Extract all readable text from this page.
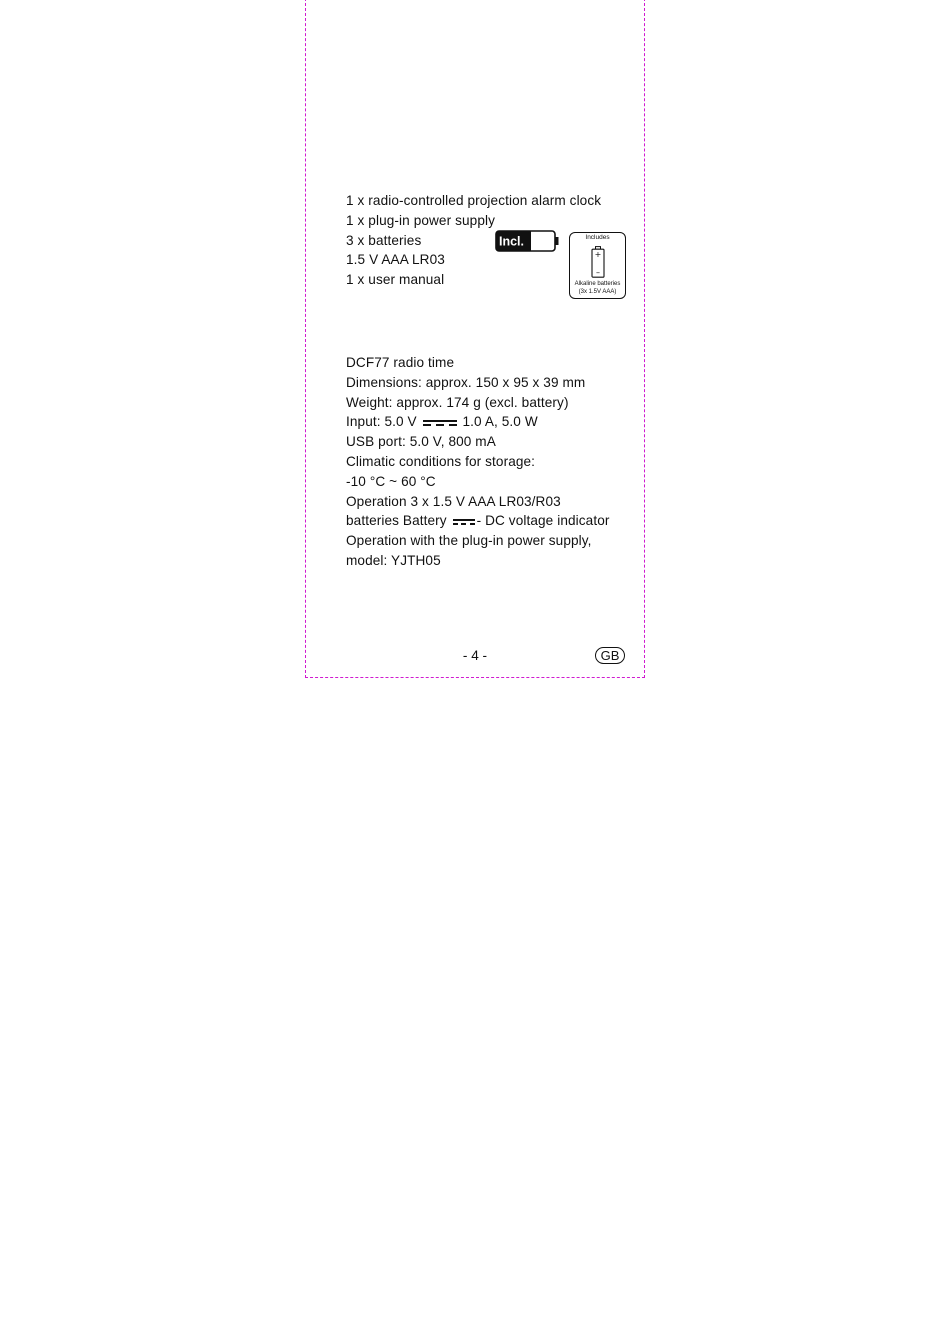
1 x radio-controlled projection alarm clock
1 x plug-in power supply
3 x batteries
1.5 V AAA LR03
1 x user manual
Incl.	Includes
+
–
Alkaline batteries
(3x 1.5V AAA)
DCF77 radio time
Dimensions: approx. 150 x 95 x 39 mm
Weight: approx. 174 g (excl. battery)
Input: 5.0 V	1.0 A, 5.0 W
USB port: 5.0 V, 800 mA
Climatic conditions for storage:
-10 °C ~ 60 °C
Operation 3 x 1.5 V AAA LR03/R03
batteries Battery - DC voltage indicator
Operation with the plug-in power supply,
model: YJTH05
- 4 -	GB
